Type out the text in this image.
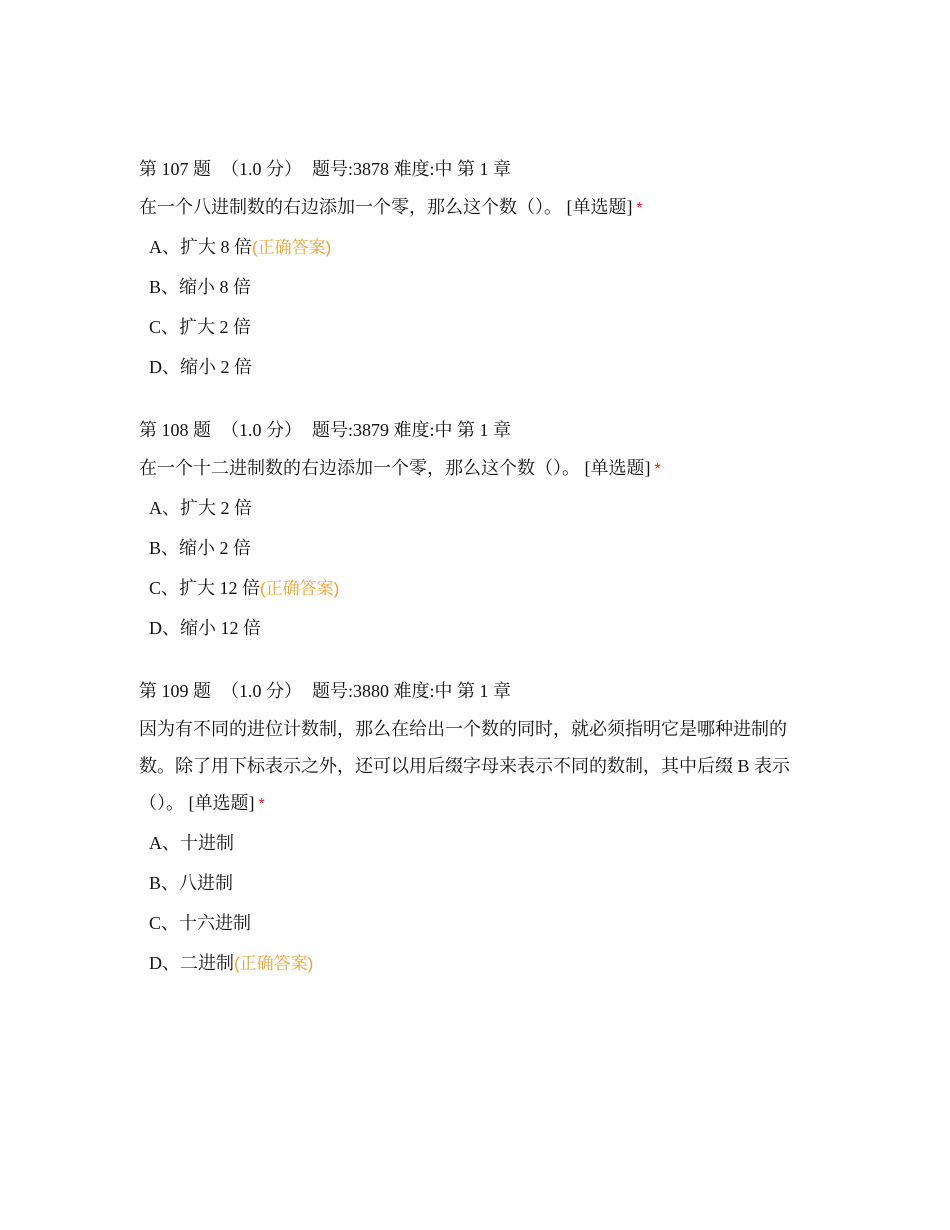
第 107 题 （1.0 分） 题号:3878 难度:中 第 1 章
在一个八进制数的右边添加一个零，那么这个数（）。 [单选题] *
A、扩大 8 倍(正确答案)
B、缩小 8 倍
C、扩大 2 倍
D、缩小 2 倍
第 108 题 （1.0 分） 题号:3879 难度:中 第 1 章
在一个十二进制数的右边添加一个零，那么这个数（）。 [单选题] *
A、扩大 2 倍
B、缩小 2 倍
C、扩大 12 倍(正确答案)
D、缩小 12 倍
第 109 题 （1.0 分） 题号:3880 难度:中 第 1 章
因为有不同的进位计数制，那么在给出一个数的同时，就必须指明它是哪种进制的数。除了用下标表示之外，还可以用后缀字母来表示不同的数制，其中后缀 B 表示（）。 [单选题] *
A、十进制
B、八进制
C、十六进制
D、二进制(正确答案)
